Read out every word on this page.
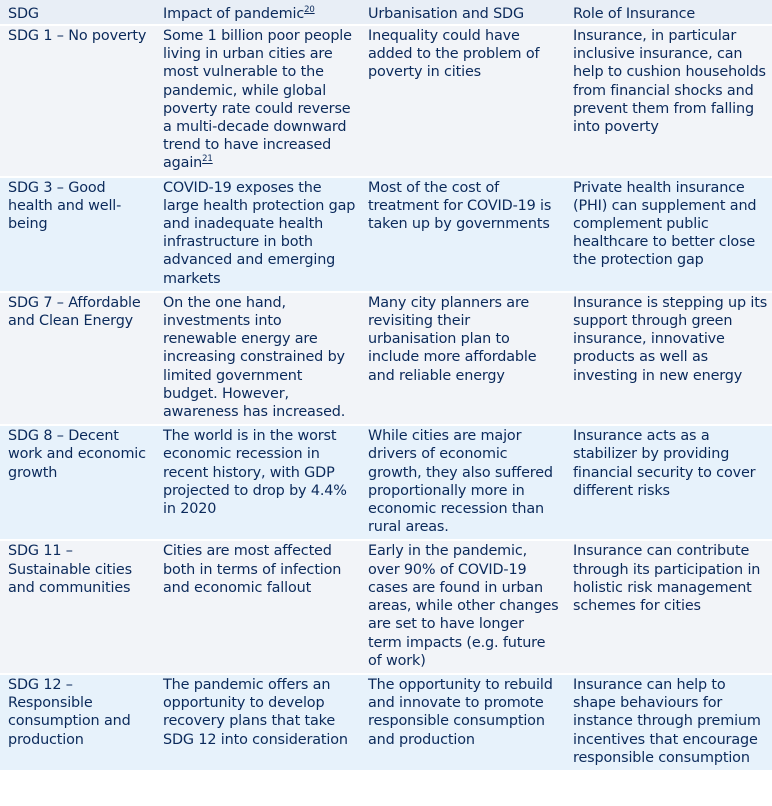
SDG	Impact of pandemic$^{20}$	Urbanisation and SDG	Role of Insurance
SDG 1 – No poverty	Some 1 billion poor people living in urban cities are most vulnerable to the pandemic, while global poverty rate could reverse a multi-decade downward trend to have increased again$^{21}$	Inequality could have added to the problem of poverty in cities	Insurance, in particular inclusive insurance, can help to cushion households from financial shocks and prevent them from falling into poverty
SDG 3 – Good health and well-being	COVID-19 exposes the large health protection gap and inadequate health infrastructure in both advanced and emerging markets	Most of the cost of treatment for COVID-19 is taken up by governments	Private health insurance (PHI) can supplement and complement public healthcare to better close the protection gap
SDG 7 – Affordable and Clean Energy	On the one hand, investments into renewable energy are increasing constrained by limited government budget. However, awareness has increased.	Many city planners are revisiting their urbanisation plan to include more affordable and reliable energy	Insurance is stepping up its support through green insurance, innovative products as well as investing in new energy
SDG 8 – Decent work and economic growth	The world is in the worst economic recession in recent history, with GDP projected to drop by 4.4% in 2020	While cities are major drivers of economic growth, they also suffered proportionally more in economic recession than rural areas.	Insurance acts as a stabilizer by providing financial security to cover different risks
SDG 11 – Sustainable cities and communities	Cities are most affected both in terms of infection and economic fallout	Early in the pandemic, over 90% of COVID-19 cases are found in urban areas, while other changes are set to have longer term impacts (e.g. future of work)	Insurance can contribute through its participation in holistic risk management schemes for cities
SDG 12 – Responsible consumption and production	The pandemic offers an opportunity to develop recovery plans that take SDG 12 into consideration	The opportunity to rebuild and innovate to promote responsible consumption and production	Insurance can help to shape behaviours for instance through premium incentives that encourage responsible consumption
